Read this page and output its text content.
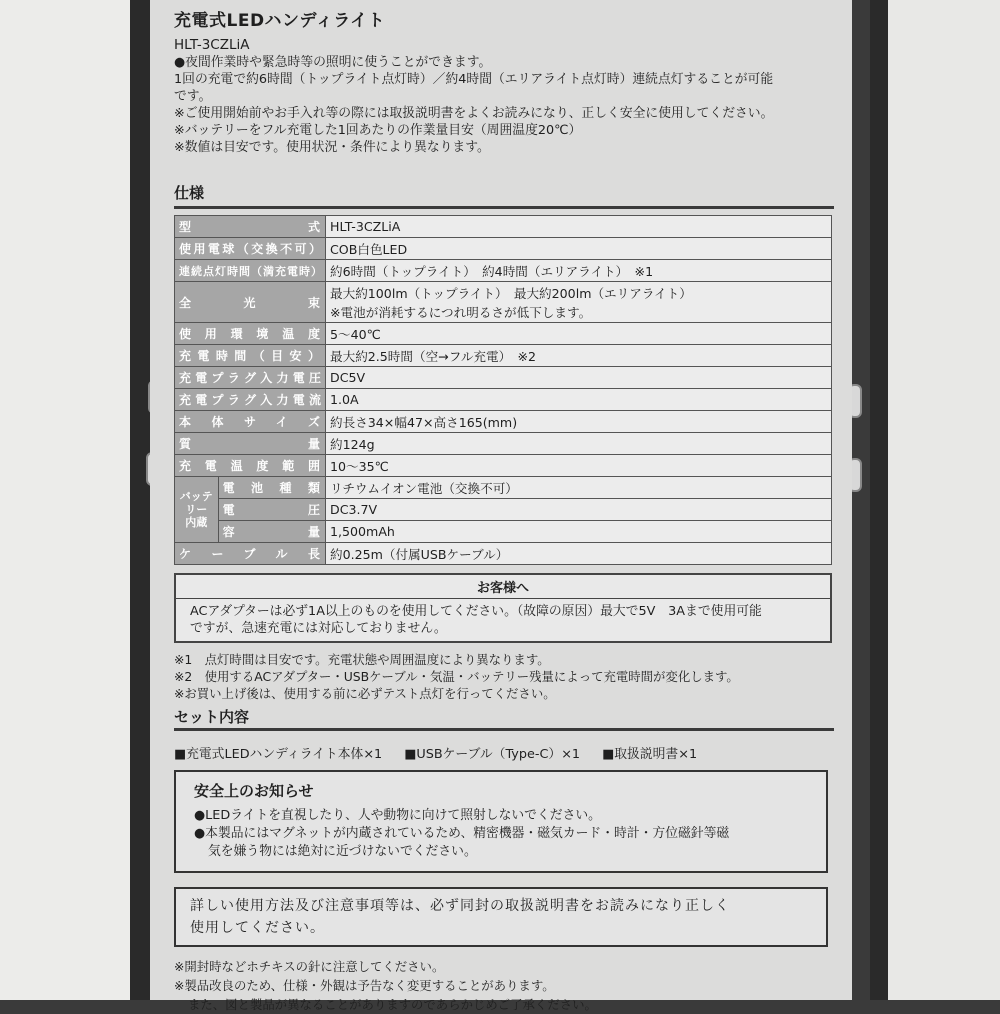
充電式LEDハンディライト
HLT-3CZLiA
●夜間作業時や緊急時等の照明に使うことができます。
1回の充電で約6時間（トップライト点灯時）／約4時間（エリアライト点灯時）連続点灯することが可能
です。
※ご使用開始前やお手入れ等の際には取扱説明書をよくお読みになり、正しく安全に使用してください。
※バッテリーをフル充電した1回あたりの作業量目安（周囲温度20℃）
※数値は目安です。使用状況・条件により異なります。
仕様
型式		HLT-3CZLiA
使用電球（交換不可）		COB白色LED
連続点灯時間（満充電時）		約6時間（トップライト）　約4時間（エリアライト）　※1
全光束		最大約100lm（トップライト）　最大約200lm（エリアライト）
※電池が消耗するにつれ明るさが低下します。

使用環境温度		5〜40℃
充電時間（目安）		最大約2.5時間（空→フル充電）　※2
充電プラグ入力電圧		DC5V
充電プラグ入力電流		1.0A
本体サイズ		約長さ34×幅47×高さ165(mm)
質量		約124g
充電温度範囲		10〜35℃

バッテ
リー
内蔵	電池種類	リチウムイオン電池（交換不可）
	電圧	DC3.7V
	容量	1,500mAh
ケーブル長		約0.25m（付属USBケーブル）
お客様へ
ACアダプターは必ず1A以上のものを使用してください。（故障の原因）最大で5V　3Aまで使用可能
ですが、急速充電には対応しておりません。
※1　点灯時間は目安です。充電状態や周囲温度により異なります。
※2　使用するACアダプター・USBケーブル・気温・バッテリー残量によって充電時間が変化します。
※お買い上げ後は、使用する前に必ずテスト点灯を行ってください。
セット内容
■充電式LEDハンディライト本体×1 ■USBケーブル（Type-C）×1 ■取扱説明書×1
安全上のお知らせ
●LEDライトを直視したり、人や動物に向けて照射しないでください。
●本製品にはマグネットが内蔵されているため、精密機器・磁気カード・時計・方位磁針等磁
気を嫌う物には絶対に近づけないでください。
詳しい使用方法及び注意事項等は、必ず同封の取扱説明書をお読みになり正しく
使用してください。
※開封時などホチキスの針に注意してください。
※製品改良のため、仕様・外観は予告なく変更することがあります。
また、図と製品が異なることがありますのであらかじめご了承ください。
